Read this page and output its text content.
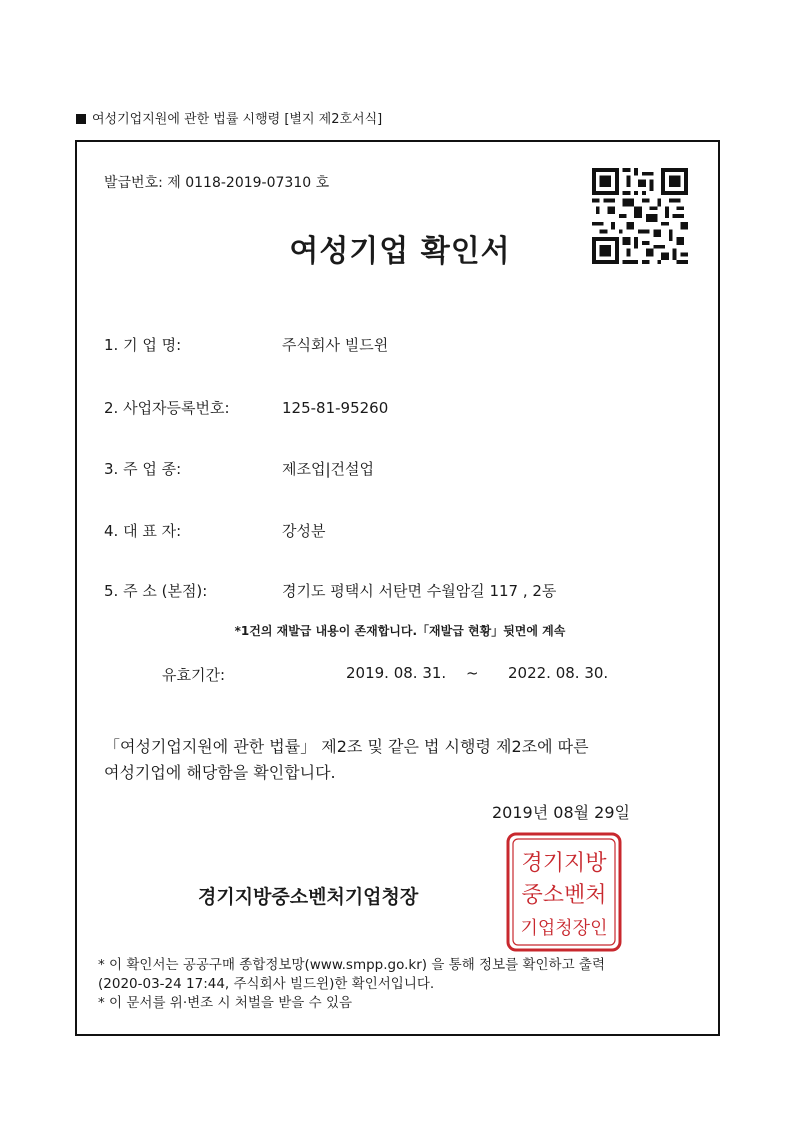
여성기업지원에 관한 법률 시행령 [별지 제2호서식]
발급번호: 제 0118-2019-07310 호
여성기업 확인서
1. 기 업 명:	주식회사 빌드윈
2. 사업자등록번호:	125-81-95260
3. 주 업 종:	제조업|건설업
4. 대 표 자:	강성분
5. 주 소 (본점):	경기도 평택시 서탄면 수월암길 117 , 2동
*1건의 재발급 내용이 존재합니다.「재발급 현황」뒷면에 계속
유효기간:	2019. 08. 31. ~ 2022. 08. 30.
「여성기업지원에 관한 법률」 제2조 및 같은 법 시행령 제2조에 따른
여성기업에 해당함을 확인합니다.
2019년 08월 29일
경기지방중소벤처기업청장
경기지방
중소벤처
기업청장인
* 이 확인서는 공공구매 종합정보망(www.smpp.go.kr) 을 통해 정보를 확인하고 출력
(2020-03-24 17:44, 주식회사 빌드윈)한 확인서입니다.
* 이 문서를 위·변조 시 처벌을 받을 수 있음
